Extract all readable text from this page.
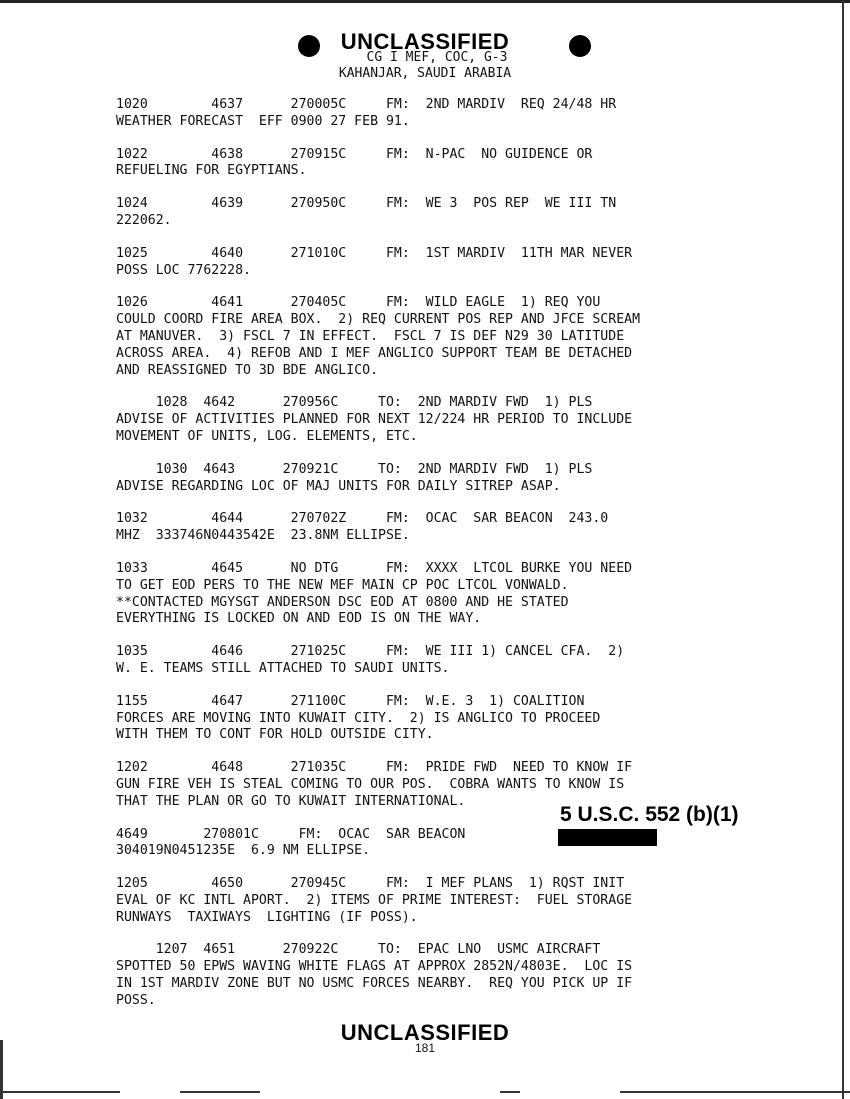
UNCLASSIFIED
CG I MEF, COC, G-3
KAHANJAR, SAUDI ARABIA
1020        4637      270005C     FM:  2ND MARDIV  REQ 24/48 HR
WEATHER FORECAST  EFF 0900 27 FEB 91.
1022        4638      270915C     FM:  N-PAC  NO GUIDENCE OR
REFUELING FOR EGYPTIANS.
1024        4639      270950C     FM:  WE 3  POS REP  WE III TN
222062.
1025        4640      271010C     FM:  1ST MARDIV  11TH MAR NEVER
POSS LOC 7762228.
1026        4641      270405C     FM:  WILD EAGLE  1) REQ YOU
COULD COORD FIRE AREA BOX.  2) REQ CURRENT POS REP AND JFCE SCREAM
AT MANUVER.  3) FSCL 7 IN EFFECT.  FSCL 7 IS DEF N29 30 LATITUDE
ACROSS AREA.  4) REFOB AND I MEF ANGLICO SUPPORT TEAM BE DETACHED
AND REASSIGNED TO 3D BDE ANGLICO.
1028  4642      270956C     TO:  2ND MARDIV FWD  1) PLS
ADVISE OF ACTIVITIES PLANNED FOR NEXT 12/224 HR PERIOD TO INCLUDE
MOVEMENT OF UNITS, LOG. ELEMENTS, ETC.
1030  4643      270921C     TO:  2ND MARDIV FWD  1) PLS
ADVISE REGARDING LOC OF MAJ UNITS FOR DAILY SITREP ASAP.
1032        4644      270702Z     FM:  OCAC  SAR BEACON  243.0
MHZ  333746N0443542E  23.8NM ELLIPSE.
1033        4645      NO DTG      FM:  XXXX  LTCOL BURKE YOU NEED
TO GET EOD PERS TO THE NEW MEF MAIN CP POC LTCOL VONWALD.
**CONTACTED MGYSGT ANDERSON DSC EOD AT 0800 AND HE STATED
EVERYTHING IS LOCKED ON AND EOD IS ON THE WAY.
1035        4646      271025C     FM:  WE III 1) CANCEL CFA.  2)
W. E. TEAMS STILL ATTACHED TO SAUDI UNITS.
1155        4647      271100C     FM:  W.E. 3  1) COALITION
FORCES ARE MOVING INTO KUWAIT CITY.  2) IS ANGLICO TO PROCEED
WITH THEM TO CONT FOR HOLD OUTSIDE CITY.
1202        4648      271035C     FM:  PRIDE FWD  NEED TO KNOW IF
GUN FIRE VEH IS STEAL COMING TO OUR POS.  COBRA WANTS TO KNOW IS
THAT THE PLAN OR GO TO KUWAIT INTERNATIONAL.
4649       270801C     FM:  OCAC  SAR BEACON
304019N0451235E  6.9 NM ELLIPSE.
1205        4650      270945C     FM:  I MEF PLANS  1) RQST INIT
EVAL OF KC INTL APORT.  2) ITEMS OF PRIME INTEREST:  FUEL STORAGE
RUNWAYS  TAXIWAYS  LIGHTING (IF POSS).
1207  4651      270922C     TO:  EPAC LNO  USMC AIRCRAFT
SPOTTED 50 EPWS WAVING WHITE FLAGS AT APPROX 2852N/4803E.  LOC IS
IN 1ST MARDIV ZONE BUT NO USMC FORCES NEARBY.  REQ YOU PICK UP IF
POSS.
5 U.S.C. 552 (b)(1)
UNCLASSIFIED
181
